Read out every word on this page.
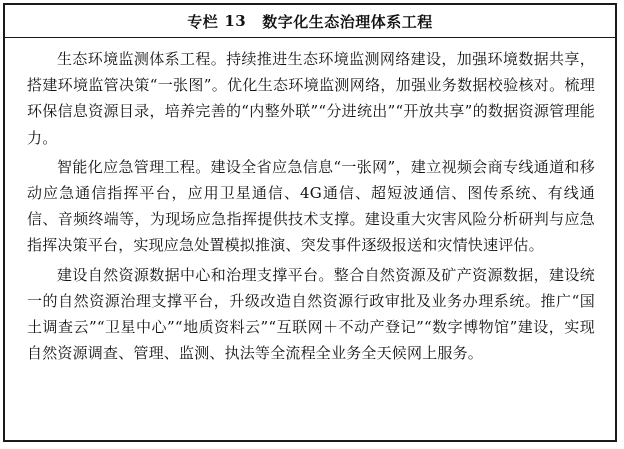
专栏 13 数字化生态治理体系工程

生态环境监测体系工程。持续推进生态环境监测网络建设，加强环境数据共享，搭建环境监管决策“一张图”。优化生态环境监测网络，加强业务数据校验核对。梳理环保信息资源目录，培养完善的“内整外联”“分进统出”“开放共享”的数据资源管理能力。

智能化应急管理工程。建设全省应急信息“一张网”，建立视频会商专线通道和移动应急通信指挥平台，应用卫星通信、4G通信、超短波通信、图传系统、有线通信、音频终端等，为现场应急指挥提供技术支撑。建设重大灾害风险分析研判与应急指挥决策平台，实现应急处置模拟推演、突发事件逐级报送和灾情快速评估。

建设自然资源数据中心和治理支撑平台。整合自然资源及矿产资源数据，建设统一的自然资源治理支撑平台，升级改造自然资源行政审批及业务办理系统。推广“国土调查云”“卫星中心”“地质资料云”“互联网＋不动产登记”“数字博物馆”建设，实现自然资源调查、管理、监测、执法等全流程全业务全天候网上服务。
